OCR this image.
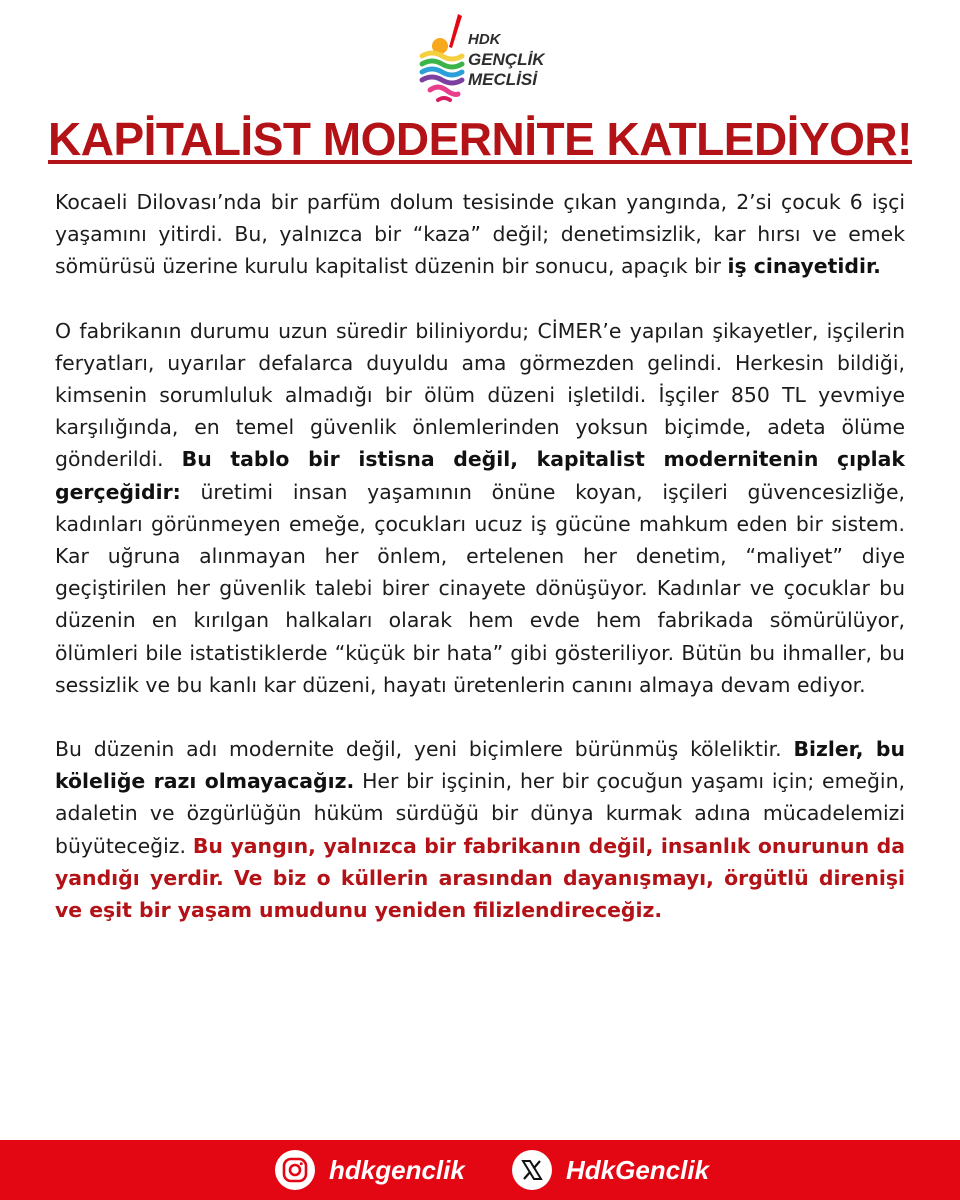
HDK
GENÇLİK
MECLİSİ
KAPİTALİST MODERNİTE KATLEDİYOR!

Kocaeli Dilovası’nda bir parfüm dolum tesisinde çıkan yangında, 2’si çocuk 6 işçi yaşamını yitirdi. Bu, yalnızca bir “kaza” değil; denetimsizlik, kar hırsı ve emek sömürüsü üzerine kurulu kapitalist düzenin bir sonucu, apaçık bir iş cinayetidir.

O fabrikanın durumu uzun süredir biliniyordu; CİMER’e yapılan şikayetler, işçilerin feryatları, uyarılar defalarca duyuldu ama görmezden gelindi. Herkesin bildiği, kimsenin sorumluluk almadığı bir ölüm düzeni işletildi. İşçiler 850 TL yevmiye karşılığında, en temel güvenlik önlemlerinden yoksun biçimde, adeta ölüme gönderildi. Bu tablo bir istisna değil, kapitalist modernitenin çıplak gerçeğidir: üretimi insan yaşamının önüne koyan, işçileri güvencesizliğe, kadınları görünmeyen emeğe, çocukları ucuz iş gücüne mahkum eden bir sistem. Kar uğruna alınmayan her önlem, ertelenen her denetim, “maliyet” diye geçiştirilen her güvenlik talebi birer cinayete dönüşüyor. Kadınlar ve çocuklar bu düzenin en kırılgan halkaları olarak hem evde hem fabrikada sömürülüyor, ölümleri bile istatistiklerde “küçük bir hata” gibi gösteriliyor. Bütün bu ihmaller, bu sessizlik ve bu kanlı kar düzeni, hayatı üretenlerin canını almaya devam ediyor.

Bu düzenin adı modernite değil, yeni biçimlere bürünmüş köleliktir. Bizler, bu köleliğe razı olmayacağız. Her bir işçinin, her bir çocuğun yaşamı için; emeğin, adaletin ve özgürlüğün hüküm sürdüğü bir dünya kurmak adına mücadelemizi büyüteceğiz. Bu yangın, yalnızca bir fabrikanın değil, insanlık onurunun da yandığı yerdir. Ve biz o küllerin arasından dayanışmayı, örgütlü direnişi ve eşit bir yaşam umudunu yeniden filizlendireceğiz.

hdkgenclik	HdkGenclik
